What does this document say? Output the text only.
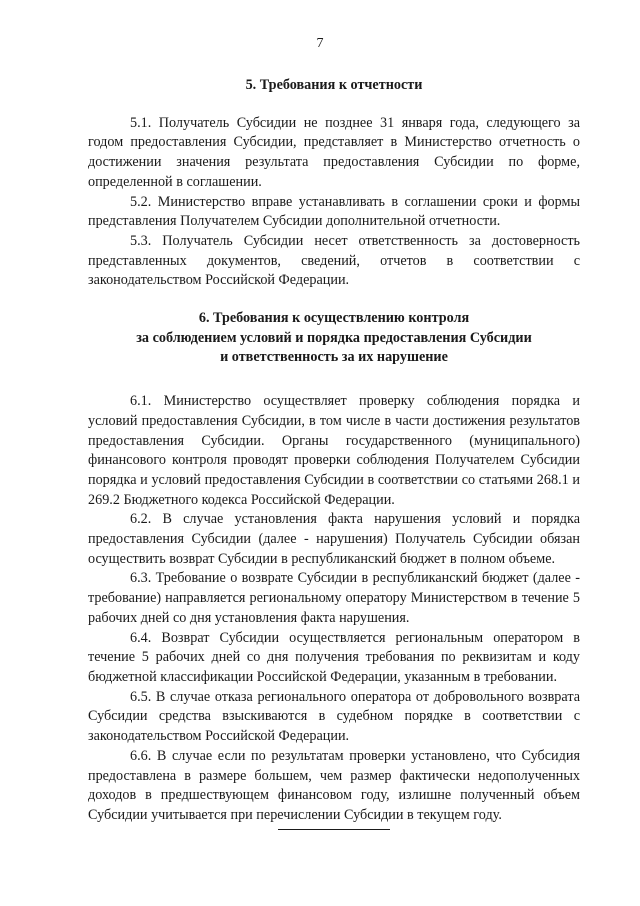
7
5. Требования к отчетности

5.1. Получатель Субсидии не позднее 31 января года, следующего за годом предоставления Субсидии, представляет в Министерство отчетность о достижении значения результата предоставления Субсидии по форме, определенной в соглашении.

5.2. Министерство вправе устанавливать в соглашении сроки и формы представления Получателем Субсидии дополнительной отчетности.

5.3. Получатель Субсидии несет ответственность за достоверность представленных документов, сведений, отчетов в соответствии с законодательством Российской Федерации.

6. Требования к осуществлению контроля
за соблюдением условий и порядка предоставления Субсидии
и ответственность за их нарушение

6.1. Министерство осуществляет проверку соблюдения порядка и условий предоставления Субсидии, в том числе в части достижения результатов предоставления Субсидии. Органы государственного (муниципального) финансового контроля проводят проверки соблюдения Получателем Субсидии порядка и условий предоставления Субсидии в соответствии со статьями 268.1 и 269.2 Бюджетного кодекса Российской Федерации.

6.2. В случае установления факта нарушения условий и порядка предоставления Субсидии (далее - нарушения) Получатель Субсидии обязан осуществить возврат Субсидии в республиканский бюджет в полном объеме.

6.3. Требование о возврате Субсидии в республиканский бюджет (далее - требование) направляется региональному оператору Министерством в течение 5 рабочих дней со дня установления факта нарушения.

6.4. Возврат Субсидии осуществляется региональным оператором в течение 5 рабочих дней со дня получения требования по реквизитам и коду бюджетной классификации Российской Федерации, указанным в требовании.

6.5. В случае отказа регионального оператора от добровольного возврата Субсидии средства взыскиваются в судебном порядке в соответствии с законодательством Российской Федерации.

6.6. В случае если по результатам проверки установлено, что Субсидия предоставлена в размере большем, чем размер фактически недополученных доходов в предшествующем финансовом году, излишне полученный объем Субсидии учитывается при перечислении Субсидии в текущем году.
